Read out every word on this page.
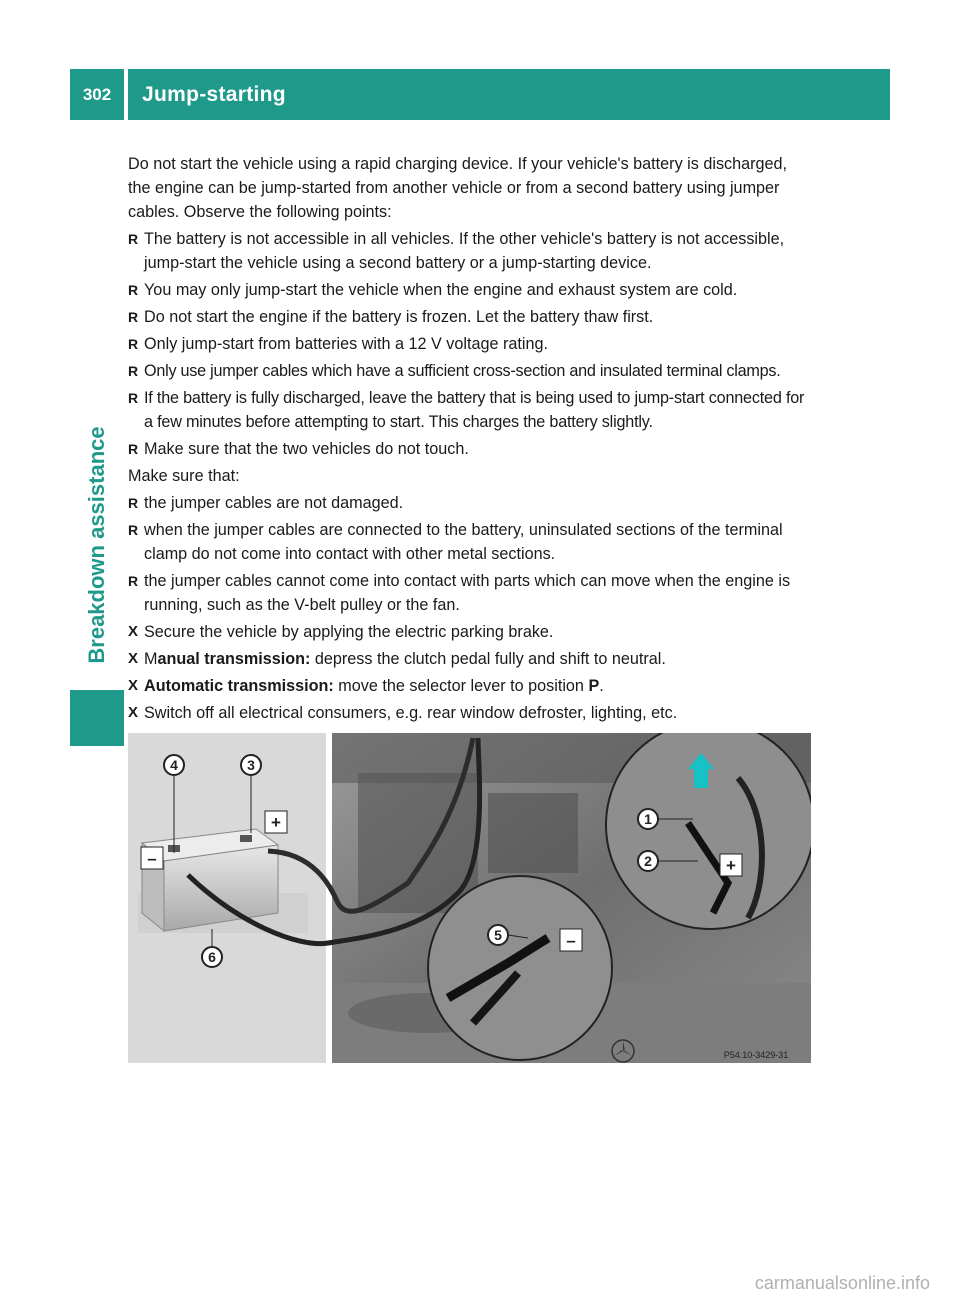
302	Jump-starting
Breakdown assistance

Do not start the vehicle using a rapid charging device. If your vehicle's battery is discharged, the engine can be jump-started from another vehicle or from a second battery using jumper cables. Observe the following points:

R The battery is not accessible in all vehicles. If the other vehicle's battery is not accessible, jump-start the vehicle using a second battery or a jump-starting device.
R You may only jump-start the vehicle when the engine and exhaust system are cold.
R Do not start the engine if the battery is frozen. Let the battery thaw first.
R Only jump-start from batteries with a 12 V voltage rating.
R Only use jumper cables which have a sufficient cross-section and insulated terminal clamps.
R If the battery is fully discharged, leave the battery that is being used to jump-start connected for a few minutes before attempting to start. This charges the battery slightly.
R Make sure that the two vehicles do not touch.

Make sure that:

R the jumper cables are not damaged.
R when the jumper cables are connected to the battery, uninsulated sections of the terminal clamp do not come into contact with other metal sections.
R the jumper cables cannot come into contact with parts which can move when the engine is running, such as the V-belt pulley or the fan.
X Secure the vehicle by applying the electric parking brake.
X Manual transmission: depress the clutch pedal fully and shift to neutral.
X Automatic transmission: move the selector lever to position P.
X Switch off all electrical consumers, e.g. rear window defroster, lighting, etc.
4	3
6
1
2
5
+
–	+
–
P54.10-3429-31
carmanualsonline.info
